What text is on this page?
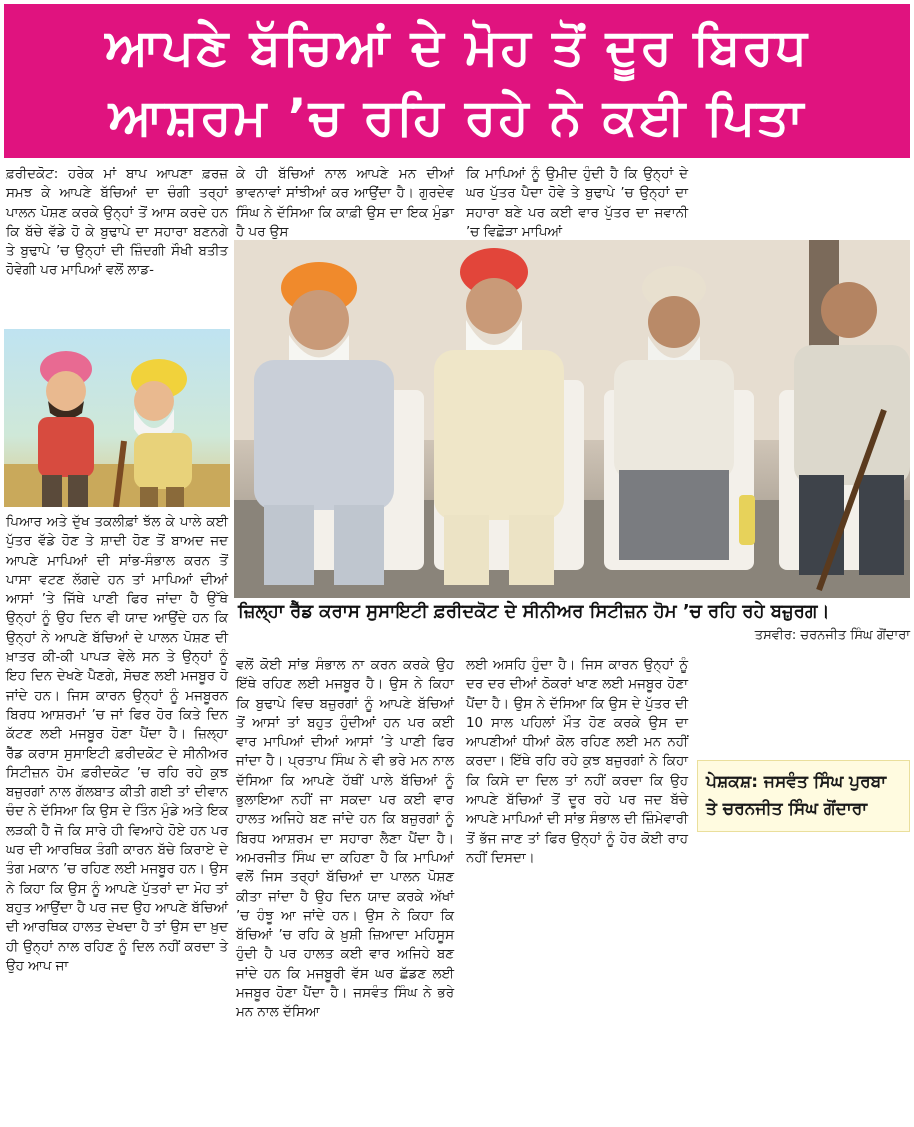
ਆਪਣੇ ਬੱਚਿਆਂ ਦੇ ਮੋਹ ਤੋਂ ਦੂਰ ਬਿਰਧ
ਆਸ਼ਰਮ ’ਚ ਰਹਿ ਰਹੇ ਨੇ ਕਈ ਪਿਤਾ

ਫ਼ਰੀਦਕੋਟ: ਹਰੇਕ ਮਾਂ ਬਾਪ ਆਪਣਾ ਫ਼ਰਜ਼ ਸਮਝ ਕੇ ਆਪਣੇ ਬੱਚਿਆਂ ਦਾ ਚੰਗੀ ਤਰ੍ਹਾਂ ਪਾਲਨ ਪੋਸ਼ਣ ਕਰਕੇ ਉਨ੍ਹਾਂ ਤੋਂ ਆਸ ਕਰਦੇ ਹਨ ਕਿ ਬੱਚੇ ਵੱਡੇ ਹੋ ਕੇ ਬੁਢਾਪੇ ਦਾ ਸਹਾਰਾ ਬਣਨਗੇ ਤੇ ਬੁਢਾਪੇ ’ਚ ਉਨ੍ਹਾਂ ਦੀ ਜ਼ਿੰਦਗੀ ਸੌਖੀ ਬਤੀਤ ਹੋਵੇਗੀ ਪਰ ਮਾਪਿਆਂ ਵਲੋਂ ਲਾਡ-

ਪਿਆਰ ਅਤੇ ਦੁੱਖ ਤਕਲੀਫ਼ਾਂ ਝੱਲ ਕੇ ਪਾਲੇ ਕਈ ਪੁੱਤਰ ਵੱਡੇ ਹੋਣ ਤੇ ਸ਼ਾਦੀ ਹੋਣ ਤੋਂ ਬਾਅਦ ਜਦ ਆਪਣੇ ਮਾਪਿਆਂ ਦੀ ਸਾਂਭ-ਸੰਭਾਲ ਕਰਨ ਤੋਂ ਪਾਸਾ ਵਟਣ ਲੱਗਦੇ ਹਨ ਤਾਂ ਮਾਪਿਆਂ ਦੀਆਂ ਆਸਾਂ ’ਤੇ ਜਿੱਥੇ ਪਾਣੀ ਫਿਰ ਜਾਂਦਾ ਹੈ ਉੱਥੇ ਉਨ੍ਹਾਂ ਨੂੰ ਉਹ ਦਿਨ ਵੀ ਯਾਦ ਆਉਂਦੇ ਹਨ ਕਿ ਉਨ੍ਹਾਂ ਨੇ ਆਪਣੇ ਬੱਚਿਆਂ ਦੇ ਪਾਲਨ ਪੋਸ਼ਣ ਦੀ ਖ਼ਾਤਰ ਕੀ-ਕੀ ਪਾਪੜ ਵੇਲੇ ਸਨ ਤੇ ਉਨ੍ਹਾਂ ਨੂੰ ਇਹ ਦਿਨ ਦੇਖਣੇ ਪੈਣਗੇ, ਸੋਚਣ ਲਈ ਮਜਬੂਰ ਹੋ ਜਾਂਦੇ ਹਨ। ਜਿਸ ਕਾਰਨ ਉਨ੍ਹਾਂ ਨੂੰ ਮਜਬੂਰਨ ਬਿਰਧ ਆਸ਼ਰਮਾਂ ’ਚ ਜਾਂ ਫਿਰ ਹੋਰ ਕਿਤੇ ਦਿਨ ਕੱਟਣ ਲਈ ਮਜਬੂਰ ਹੋਣਾ ਪੈਂਦਾ ਹੈ। ਜ਼ਿਲ੍ਹਾ ਰੈੱਡ ਕਰਾਸ ਸੁਸਾਇਟੀ ਫ਼ਰੀਦਕੋਟ ਦੇ ਸੀਨੀਅਰ ਸਿਟੀਜ਼ਨ ਹੋਮ ਫ਼ਰੀਦਕੋਟ ’ਚ ਰਹਿ ਰਹੇ ਕੁਝ ਬਜ਼ੁਰਗਾਂ ਨਾਲ ਗੱਲਬਾਤ ਕੀਤੀ ਗਈ ਤਾਂ ਦੀਵਾਨ ਚੰਦ ਨੇ ਦੱਸਿਆ ਕਿ ਉਸ ਦੇ ਤਿੰਨ ਮੁੰਡੇ ਅਤੇ ਇਕ ਲੜਕੀ ਹੈ ਜੋ ਕਿ ਸਾਰੇ ਹੀ ਵਿਆਹੇ ਹੋਏ ਹਨ ਪਰ ਘਰ ਦੀ ਆਰਥਿਕ ਤੰਗੀ ਕਾਰਨ ਬੱਚੇ ਕਿਰਾਏ ਦੇ ਤੰਗ ਮਕਾਨ ’ਚ ਰਹਿਣ ਲਈ ਮਜਬੂਰ ਹਨ। ਉਸ ਨੇ ਕਿਹਾ ਕਿ ਉਸ ਨੂੰ ਆਪਣੇ ਪੁੱਤਰਾਂ ਦਾ ਮੋਹ ਤਾਂ ਬਹੁਤ ਆਉਂਦਾ ਹੈ ਪਰ ਜਦ ਉਹ ਆਪਣੇ ਬੱਚਿਆਂ ਦੀ ਆਰਥਿਕ ਹਾਲਤ ਦੇਖਦਾ ਹੈ ਤਾਂ ਉਸ ਦਾ ਖ਼ੁਦ ਹੀ ਉਨ੍ਹਾਂ ਨਾਲ ਰਹਿਣ ਨੂੰ ਦਿਲ ਨਹੀਂ ਕਰਦਾ ਤੇ ਉਹ ਆਪ ਜਾ

ਕੇ ਹੀ ਬੱਚਿਆਂ ਨਾਲ ਆਪਣੇ ਮਨ ਦੀਆਂ ਭਾਵਨਾਵਾਂ ਸਾਂਝੀਆਂ ਕਰ ਆਉਂਦਾ ਹੈ। ਗੁਰਦੇਵ ਸਿੰਘ ਨੇ ਦੱਸਿਆ ਕਿ ਕਾਫ਼ੀ ਉਸ ਦਾ ਇਕ ਮੁੰਡਾ ਹੈ ਪਰ ਉਸ

ਕਿ ਮਾਪਿਆਂ ਨੂੰ ਉਮੀਦ ਹੁੰਦੀ ਹੈ ਕਿ ਉਨ੍ਹਾਂ ਦੇ ਘਰ ਪੁੱਤਰ ਪੈਦਾ ਹੋਵੇ ਤੇ ਬੁਢਾਪੇ ’ਚ ਉਨ੍ਹਾਂ ਦਾ ਸਹਾਰਾ ਬਣੇ ਪਰ ਕਈ ਵਾਰ ਪੁੱਤਰ ਦਾ ਜਵਾਨੀ ’ਚ ਵਿਛੋੜਾ ਮਾਪਿਆਂ

ਜ਼ਿਲ੍ਹਾ ਰੈੱਡ ਕਰਾਸ ਸੁਸਾਇਟੀ ਫ਼ਰੀਦਕੋਟ ਦੇ ਸੀਨੀਅਰ ਸਿਟੀਜ਼ਨ ਹੋਮ ’ਚ ਰਹਿ ਰਹੇ ਬਜ਼ੁਰਗ।
ਤਸਵੀਰ: ਚਰਨਜੀਤ ਸਿੰਘ ਗੋਂਦਾਰਾ

ਵਲੋਂ ਕੋਈ ਸਾਂਭ ਸੰਭਾਲ ਨਾ ਕਰਨ ਕਰਕੇ ਉਹ ਇੱਥੇ ਰਹਿਣ ਲਈ ਮਜਬੂਰ ਹੈ। ਉਸ ਨੇ ਕਿਹਾ ਕਿ ਬੁਢਾਪੇ ਵਿਚ ਬਜ਼ੁਰਗਾਂ ਨੂੰ ਆਪਣੇ ਬੱਚਿਆਂ ਤੋਂ ਆਸਾਂ ਤਾਂ ਬਹੁਤ ਹੁੰਦੀਆਂ ਹਨ ਪਰ ਕਈ ਵਾਰ ਮਾਪਿਆਂ ਦੀਆਂ ਆਸਾਂ ’ਤੇ ਪਾਣੀ ਫਿਰ ਜਾਂਦਾ ਹੈ। ਪ੍ਰਤਾਪ ਸਿੰਘ ਨੇ ਵੀ ਭਰੇ ਮਨ ਨਾਲ ਦੱਸਿਆ ਕਿ ਆਪਣੇ ਹੱਥੀਂ ਪਾਲੇ ਬੱਚਿਆਂ ਨੂੰ ਭੁਲਾਇਆ ਨਹੀਂ ਜਾ ਸਕਦਾ ਪਰ ਕਈ ਵਾਰ ਹਾਲਤ ਅਜਿਹੇ ਬਣ ਜਾਂਦੇ ਹਨ ਕਿ ਬਜ਼ੁਰਗਾਂ ਨੂੰ ਬਿਰਧ ਆਸ਼ਰਮ ਦਾ ਸਹਾਰਾ ਲੈਣਾ ਪੈਂਦਾ ਹੈ। ਅਮਰਜੀਤ ਸਿੰਘ ਦਾ ਕਹਿਣਾ ਹੈ ਕਿ ਮਾਪਿਆਂ ਵਲੋਂ ਜਿਸ ਤਰ੍ਹਾਂ ਬੱਚਿਆਂ ਦਾ ਪਾਲਨ ਪੋਸ਼ਣ ਕੀਤਾ ਜਾਂਦਾ ਹੈ ਉਹ ਦਿਨ ਯਾਦ ਕਰਕੇ ਅੱਖਾਂ ’ਚ ਹੰਝੂ ਆ ਜਾਂਦੇ ਹਨ। ਉਸ ਨੇ ਕਿਹਾ ਕਿ ਬੱਚਿਆਂ ’ਚ ਰਹਿ ਕੇ ਖ਼ੁਸ਼ੀ ਜ਼ਿਆਦਾ ਮਹਿਸੂਸ ਹੁੰਦੀ ਹੈ ਪਰ ਹਾਲਤ ਕਈ ਵਾਰ ਅਜਿਹੇ ਬਣ ਜਾਂਦੇ ਹਨ ਕਿ ਮਜਬੂਰੀ ਵੱਸ ਘਰ ਛੱਡਣ ਲਈ ਮਜਬੂਰ ਹੋਣਾ ਪੈਂਦਾ ਹੈ। ਜਸਵੰਤ ਸਿੰਘ ਨੇ ਭਰੇ ਮਨ ਨਾਲ ਦੱਸਿਆ

ਲਈ ਅਸਹਿ ਹੁੰਦਾ ਹੈ। ਜਿਸ ਕਾਰਨ ਉਨ੍ਹਾਂ ਨੂੰ ਦਰ ਦਰ ਦੀਆਂ ਠੋਕਰਾਂ ਖਾਣ ਲਈ ਮਜਬੂਰ ਹੋਣਾ ਪੈਂਦਾ ਹੈ। ਉਸ ਨੇ ਦੱਸਿਆ ਕਿ ਉਸ ਦੇ ਪੁੱਤਰ ਦੀ 10 ਸਾਲ ਪਹਿਲਾਂ ਮੌਤ ਹੋਣ ਕਰਕੇ ਉਸ ਦਾ ਆਪਣੀਆਂ ਧੀਆਂ ਕੋਲ ਰਹਿਣ ਲਈ ਮਨ ਨਹੀਂ ਕਰਦਾ। ਇੱਥੇ ਰਹਿ ਰਹੇ ਕੁਝ ਬਜ਼ੁਰਗਾਂ ਨੇ ਕਿਹਾ ਕਿ ਕਿਸੇ ਦਾ ਦਿਲ ਤਾਂ ਨਹੀਂ ਕਰਦਾ ਕਿ ਉਹ ਆਪਣੇ ਬੱਚਿਆਂ ਤੋਂ ਦੂਰ ਰਹੇ ਪਰ ਜਦ ਬੱਚੇ ਆਪਣੇ ਮਾਪਿਆਂ ਦੀ ਸਾਂਭ ਸੰਭਾਲ ਦੀ ਜ਼ਿੰਮੇਵਾਰੀ ਤੋਂ ਭੱਜ ਜਾਣ ਤਾਂ ਫਿਰ ਉਨ੍ਹਾਂ ਨੂੰ ਹੋਰ ਕੋਈ ਰਾਹ ਨਹੀਂ ਦਿਸਦਾ।

ਪੇਸ਼ਕਸ਼: ਜਸਵੰਤ ਸਿੰਘ ਪੁਰਬਾ
ਤੇ ਚਰਨਜੀਤ ਸਿੰਘ ਗੋਂਦਾਰਾ
